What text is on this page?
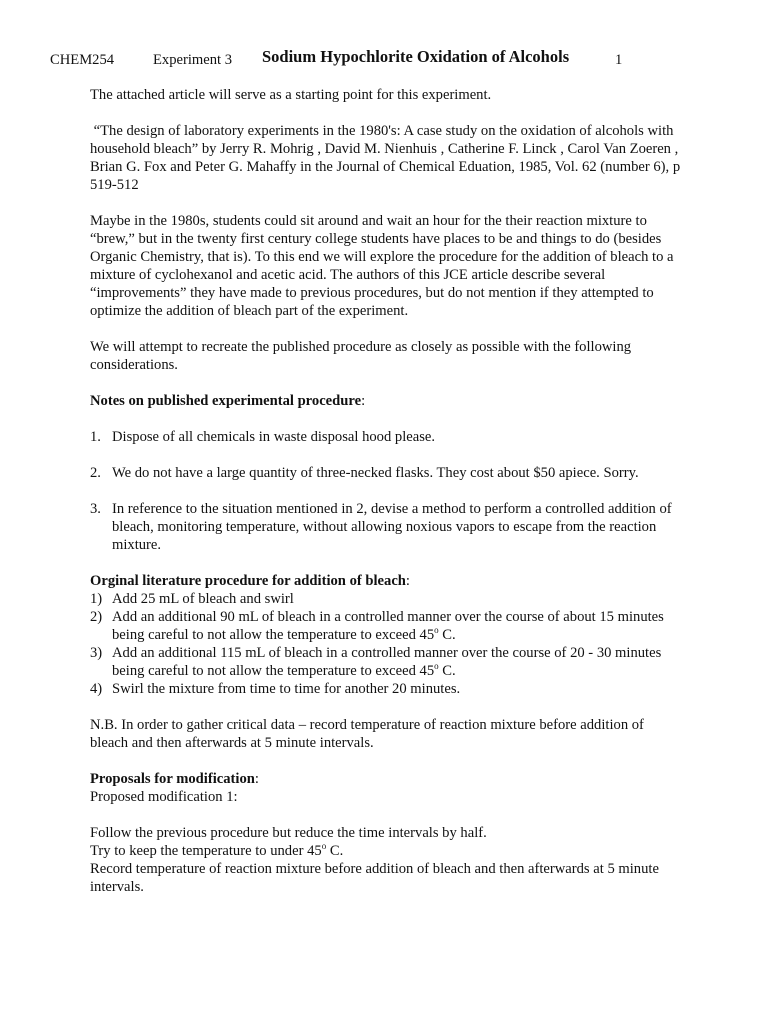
CHEM254	Experiment 3 Sodium Hypochlorite Oxidation of Alcohols	1

The attached article will serve as a starting point for this experiment.

“The design of laboratory experiments in the 1980's: A case study on the oxidation of alcohols with household bleach” by Jerry R. Mohrig , David M. Nienhuis , Catherine F. Linck , Carol Van Zoeren , Brian G. Fox and Peter G. Mahaffy in the Journal of Chemical Eduation, 1985, Vol. 62 (number 6), p 519-512

Maybe in the 1980s, students could sit around and wait an hour for the their reaction mixture to “brew,” but in the twenty first century college students have places to be and things to do (besides Organic Chemistry, that is). To this end we will explore the procedure for the addition of bleach to a mixture of cyclohexanol and acetic acid. The authors of this JCE article describe several “improvements” they have made to previous procedures, but do not mention if they attempted to optimize the addition of bleach part of the experiment.

We will attempt to recreate the published procedure as closely as possible with the following considerations.

Notes on published experimental procedure:

1. Dispose of all chemicals in waste disposal hood please.
2. We do not have a large quantity of three-necked flasks. They cost about $50 apiece. Sorry.
3. In reference to the situation mentioned in 2, devise a method to perform a controlled addition of bleach, monitoring temperature, without allowing noxious vapors to escape from the reaction mixture.

Orginal literature procedure for addition of bleach:

1) Add 25 mL of bleach and swirl
2) Add an additional 90 mL of bleach in a controlled manner over the course of about 15 minutes being careful to not allow the temperature to exceed 45$^o$ C.
3) Add an additional 115 mL of bleach in a controlled manner over the course of 20 - 30 minutes being careful to not allow the temperature to exceed 45$^o$ C.
4) Swirl the mixture from time to time for another 20 minutes.

N.B. In order to gather critical data – record temperature of reaction mixture before addition of bleach and then afterwards at 5 minute intervals.

Proposals for modification:

Proposed modification 1:

Follow the previous procedure but reduce the time intervals by half.

Try to keep the temperature to under 45$^o$ C.

Record temperature of reaction mixture before addition of bleach and then afterwards at 5 minute intervals.
